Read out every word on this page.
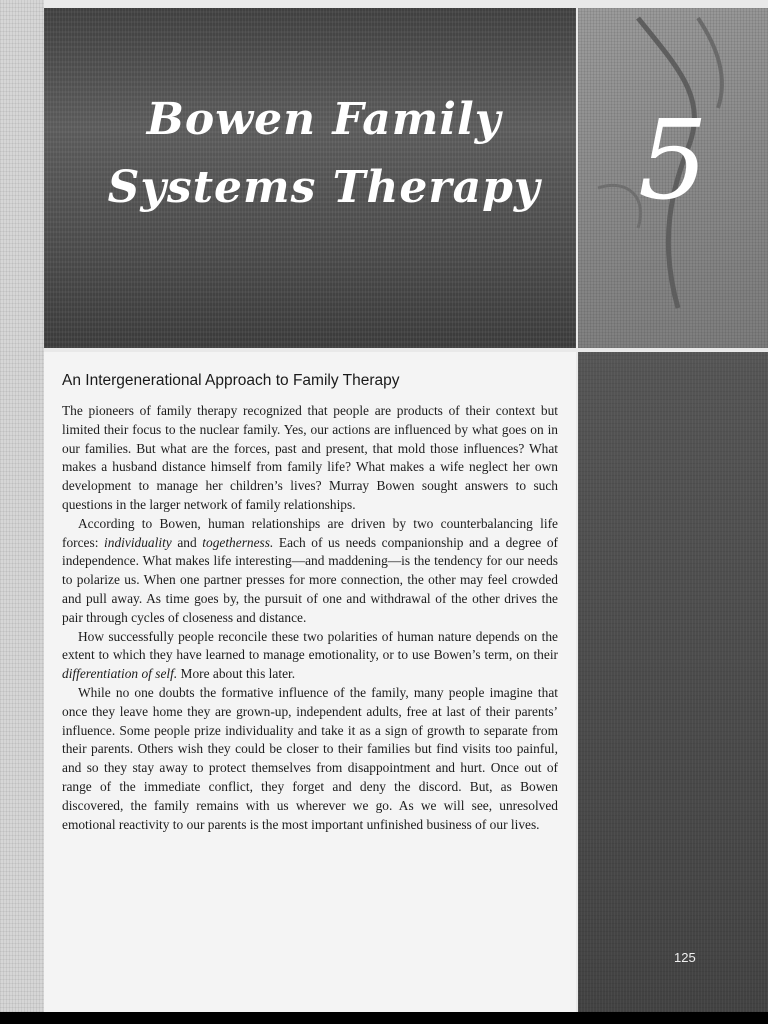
Bowen Family
Systems Therapy 5
An Intergenerational Approach to Family Therapy

The pioneers of family therapy recognized that people are products of their context but limited their focus to the nuclear family. Yes, our actions are influenced by what goes on in our families. But what are the forces, past and present, that mold those influences? What makes a husband distance himself from family life? What makes a wife neglect her own development to manage her children’s lives? Murray Bowen sought answers to such questions in the larger network of family relationships.

According to Bowen, human relationships are driven by two counterbalancing life forces: individuality and togetherness. Each of us needs companionship and a degree of independence. What makes life interesting—and maddening—is the tendency for our needs to polarize us. When one partner presses for more connection, the other may feel crowded and pull away. As time goes by, the pursuit of one and withdrawal of the other drives the pair through cycles of closeness and distance.

How successfully people reconcile these two polarities of human nature depends on the extent to which they have learned to manage emotionality, or to use Bowen’s term, on their differentiation of self. More about this later.

While no one doubts the formative influence of the family, many people imagine that once they leave home they are grown-up, independent adults, free at last of their parents’ influence. Some people prize individuality and take it as a sign of growth to separate from their parents. Others wish they could be closer to their families but find visits too painful, and so they stay away to protect themselves from disappointment and hurt. Once out of range of the immediate conflict, they forget and deny the discord. But, as Bowen discovered, the family remains with us wherever we go. As we will see, unresolved emotional reactivity to our parents is the most important unfinished business of our lives.

125
